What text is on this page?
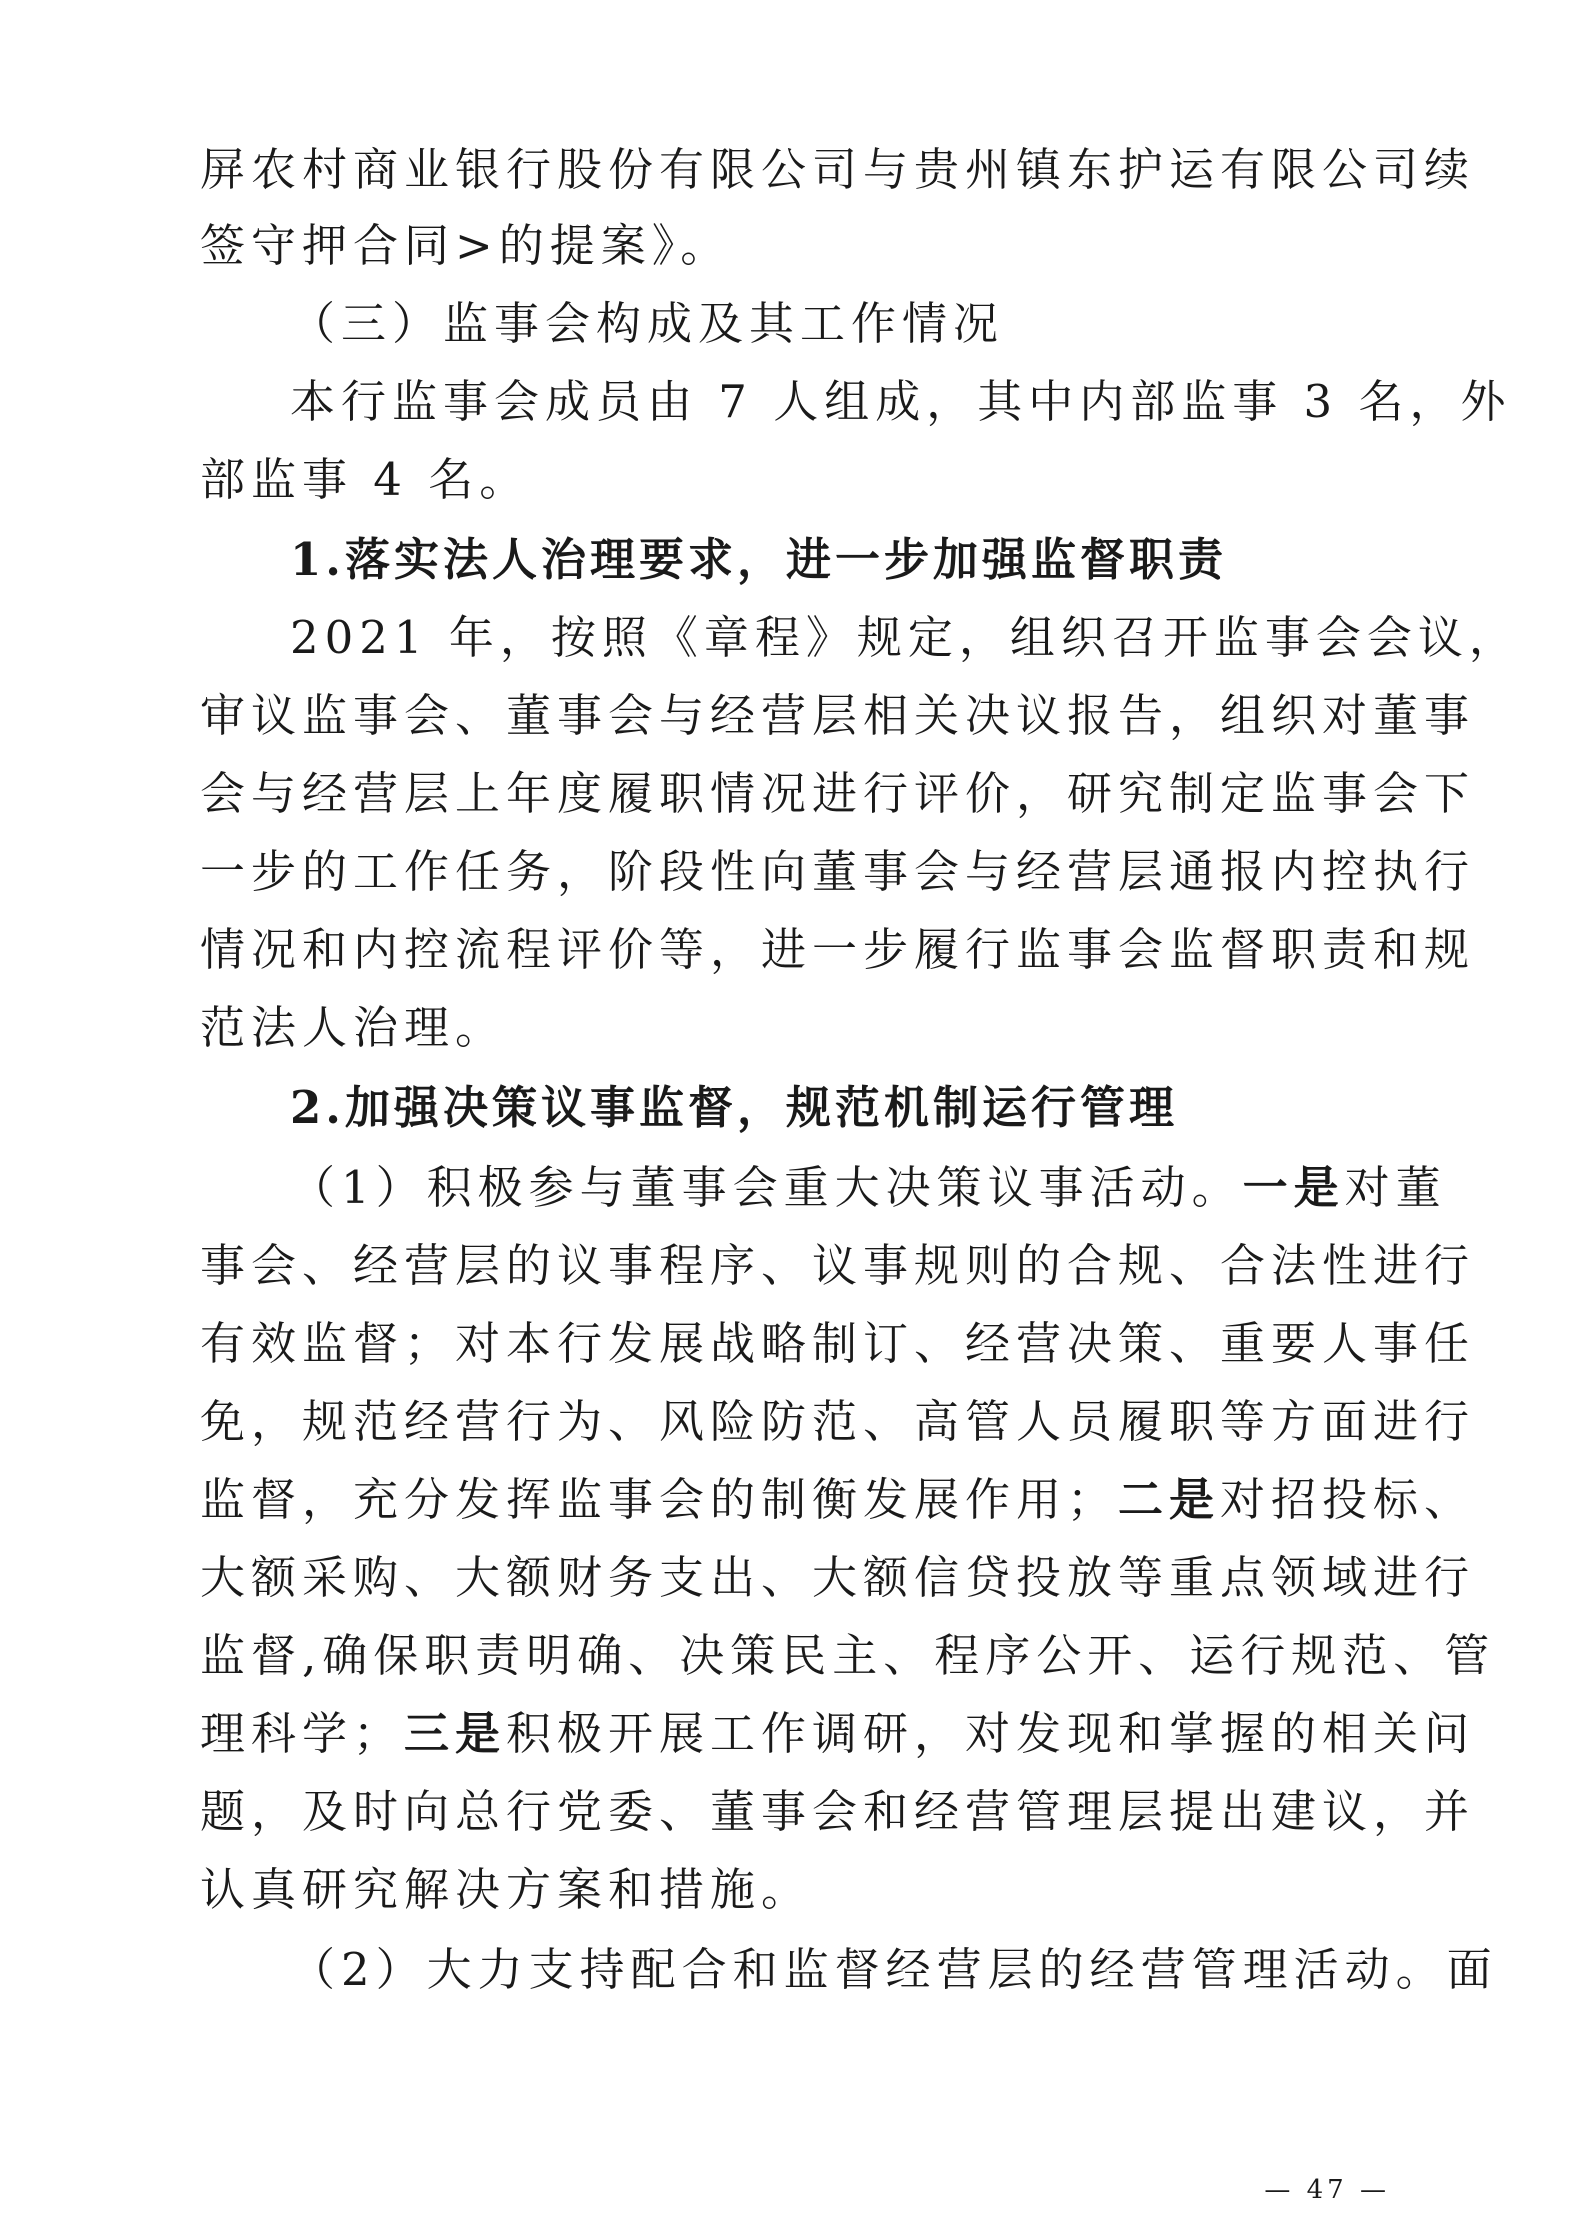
屏农村商业银行股份有限公司与贵州镇东护运有限公司续
签守押合同>的提案》。
（三）监事会构成及其工作情况
本行监事会成员由 7 人组成，其中内部监事 3 名，外
部监事 4 名。
1.落实法人治理要求，进一步加强监督职责
2021 年，按照《章程》规定，组织召开监事会会议，
审议监事会、董事会与经营层相关决议报告，组织对董事
会与经营层上年度履职情况进行评价，研究制定监事会下
一步的工作任务，阶段性向董事会与经营层通报内控执行
情况和内控流程评价等，进一步履行监事会监督职责和规
范法人治理。
2.加强决策议事监督，规范机制运行管理
（1）积极参与董事会重大决策议事活动。一是对董
事会、经营层的议事程序、议事规则的合规、合法性进行
有效监督；对本行发展战略制订、经营决策、重要人事任
免，规范经营行为、风险防范、高管人员履职等方面进行
监督，充分发挥监事会的制衡发展作用；二是对招投标、
大额采购、大额财务支出、大额信贷投放等重点领域进行
监督,确保职责明确、决策民主、程序公开、运行规范、管
理科学；三是积极开展工作调研，对发现和掌握的相关问
题，及时向总行党委、董事会和经营管理层提出建议，并
认真研究解决方案和措施。
（2）大力支持配合和监督经营层的经营管理活动。面
— 47 —
